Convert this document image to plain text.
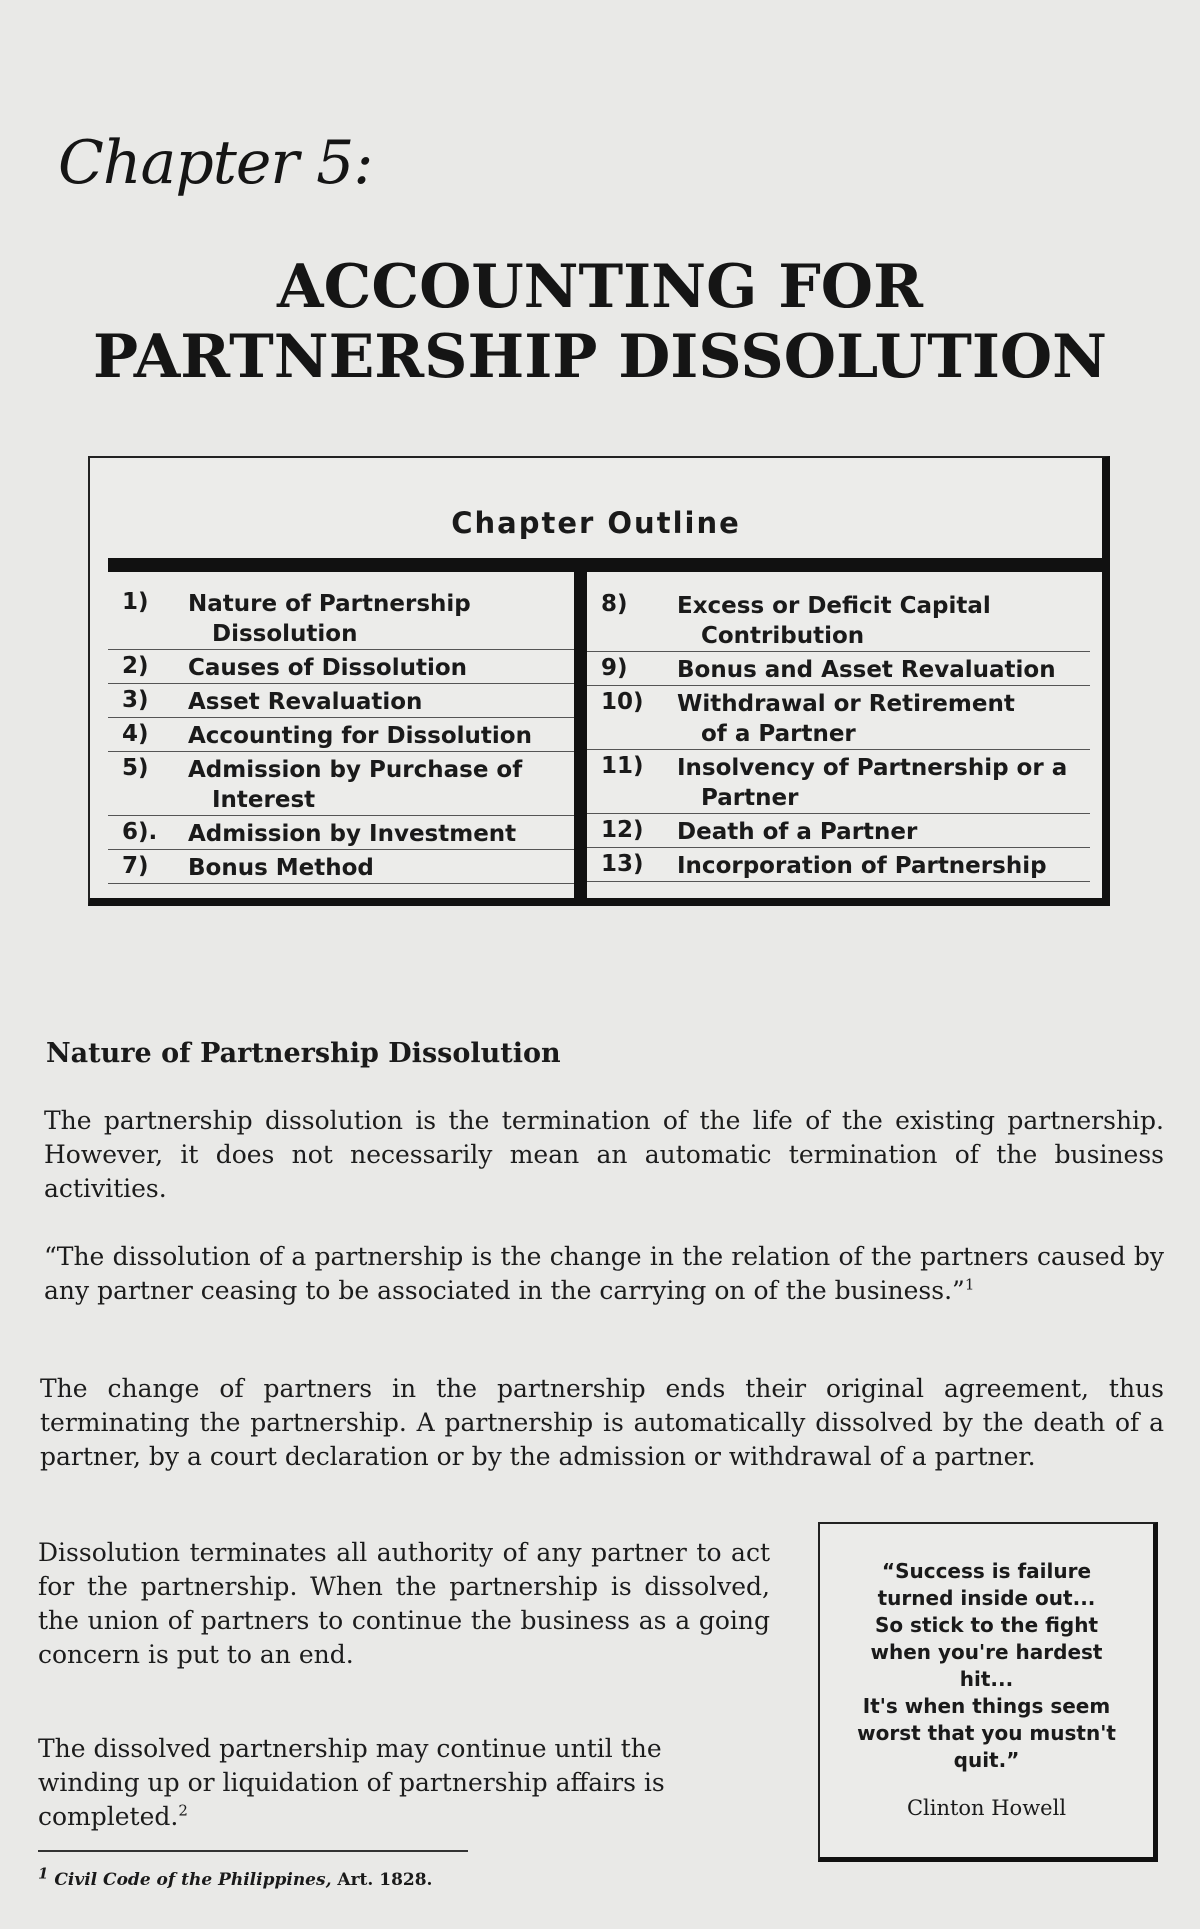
Chapter 5:
ACCOUNTING FOR
PARTNERSHIP DISSOLUTION
Chapter Outline
1) Nature of Partnership
Dissolution
2) Causes of Dissolution
3) Asset Revaluation
4) Accounting for Dissolution
5) Admission by Purchase of
Interest
6). Admission by Investment
7) Bonus Method
8) Excess or Deficit Capital
Contribution
9) Bonus and Asset Revaluation
10) Withdrawal or Retirement
of a Partner
11) Insolvency of Partnership or a
Partner
12) Death of a Partner
13) Incorporation of Partnership
Nature of Partnership Dissolution
The partnership dissolution is the termination of the life of the existing partnership. However, it does not necessarily mean an automatic termination of the business activities.
“The dissolution of a partnership is the change in the relation of the partners caused by any partner ceasing to be associated in the carrying on of the business.”$^1$
The change of partners in the partnership ends their original agreement, thus terminating the partnership. A partnership is automatically dissolved by the death of a partner, by a court declaration or by the admission or withdrawal of a partner.
Dissolution terminates all authority of any partner to act for the partnership. When the partnership is dissolved, the union of partners to continue the business as a going concern is put to an end.
The dissolved partnership may continue until the winding up or liquidation of partnership affairs is completed.$^2$
“Success is failure
turned inside out...
So stick to the fight
when you're hardest
hit...
It's when things seem
worst that you mustn't
quit.”
Clinton Howell
$^1$ Civil Code of the Philippines, Art. 1828.
